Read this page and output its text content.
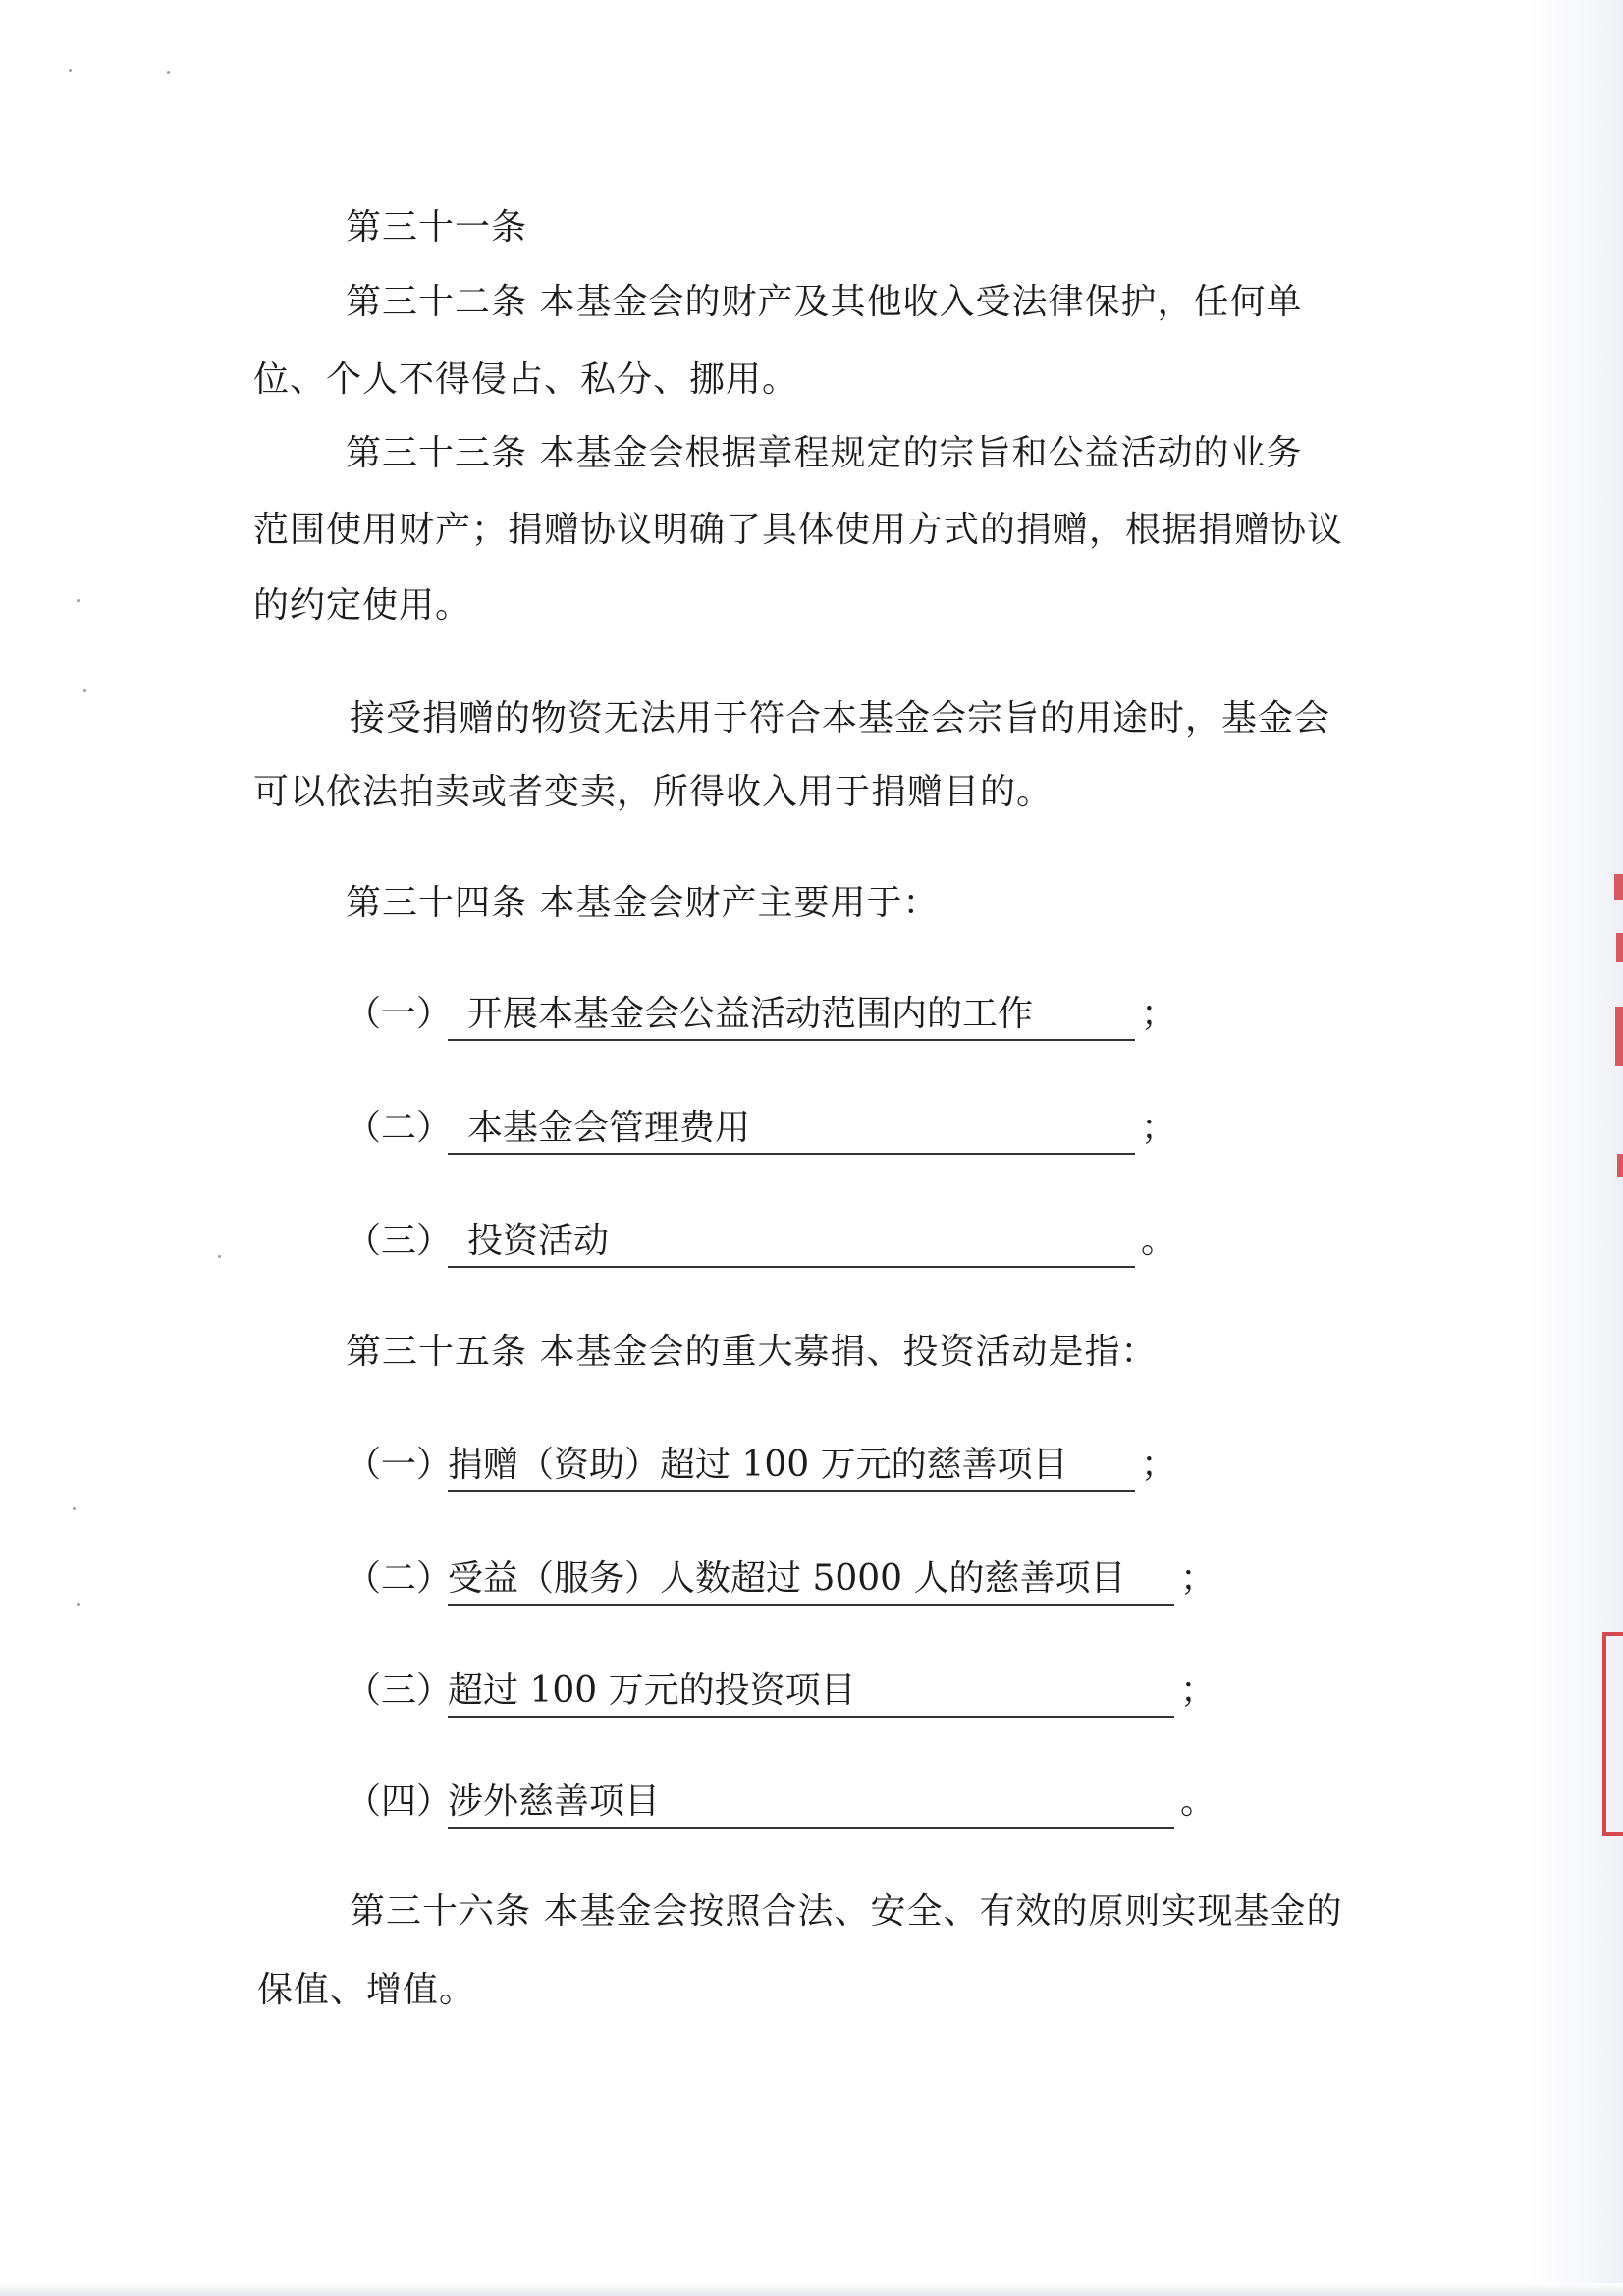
第三十一条
第三十二条 本基金会的财产及其他收入受法律保护，任何单
位、个人不得侵占、私分、挪用。
第三十三条 本基金会根据章程规定的宗旨和公益活动的业务
范围使用财产；捐赠协议明确了具体使用方式的捐赠，根据捐赠协议
的约定使用。
接受捐赠的物资无法用于符合本基金会宗旨的用途时，基金会
可以依法拍卖或者变卖，所得收入用于捐赠目的。
第三十四条 本基金会财产主要用于：
（一） 开展本基金会公益活动范围内的工作	；
（二） 本基金会管理费用	；
（三） 投资活动	。
第三十五条 本基金会的重大募捐、投资活动是指：
（一）捐赠（资助）超过 100 万元的慈善项目 ；
（二）受益（服务）人数超过 5000 人的慈善项目 ；
（三）超过 100 万元的投资项目	；
（四）涉外慈善项目	。
第三十六条 本基金会按照合法、安全、有效的原则实现基金的
保值、增值。
